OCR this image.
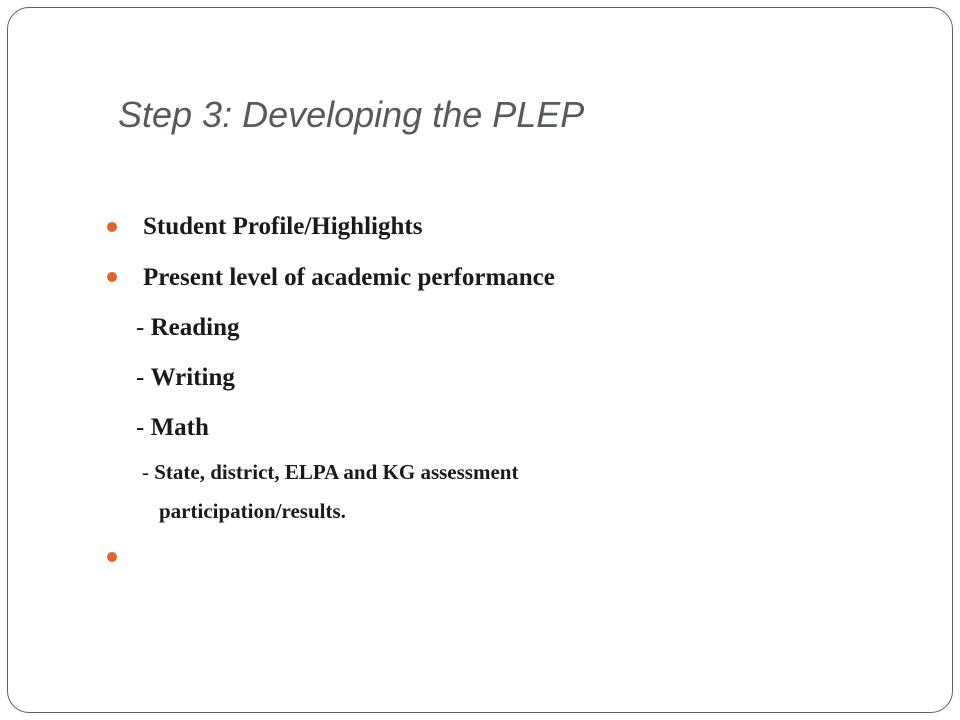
Step 3: Developing the PLEP
Student Profile/Highlights
Present level of academic performance
- Reading
- Writing
- Math
- State, district, ELPA and KG assessment
participation/results.
